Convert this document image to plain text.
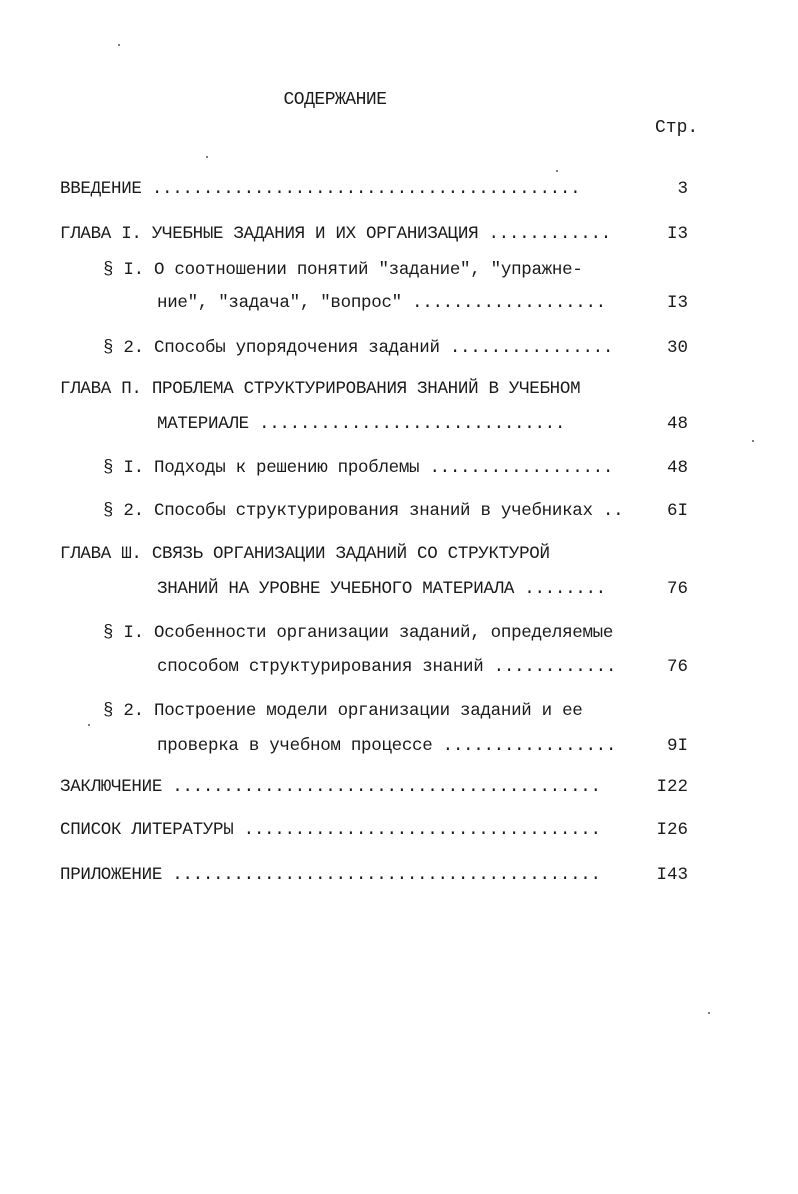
СОДЕРЖАНИЕ
Стр.
ВВЕДЕНИЕ ..........................................	3
ГЛАВА I. УЧЕБНЫЕ ЗАДАНИЯ И ИХ ОРГАНИЗАЦИЯ ............	I3
§ I. О соотношении понятий "задание", "упражне-
ние", "задача", "вопрос" ...................	I3
§ 2. Способы упорядочения заданий ................	30
ГЛАВА П. ПРОБЛЕМА СТРУКТУРИРОВАНИЯ ЗНАНИЙ В УЧЕБНОМ
МАТЕРИАЛЕ ..............................	48
§ I. Подходы к решению проблемы ..................	48
§ 2. Способы структурирования знаний в учебниках ..	6I
ГЛАВА Ш. СВЯЗЬ ОРГАНИЗАЦИИ ЗАДАНИЙ СО СТРУКТУРОЙ
ЗНАНИЙ НА УРОВНЕ УЧЕБНОГО МАТЕРИАЛА ........	76
§ I. Особенности организации заданий, определяемые
способом структурирования знаний ............	76
§ 2. Построение модели организации заданий и ее
проверка в учебном процессе .................	9I
ЗАКЛЮЧЕНИЕ ..........................................	I22
СПИСОК ЛИТЕРАТУРЫ ...................................	I26
ПРИЛОЖЕНИЕ ..........................................	I43
